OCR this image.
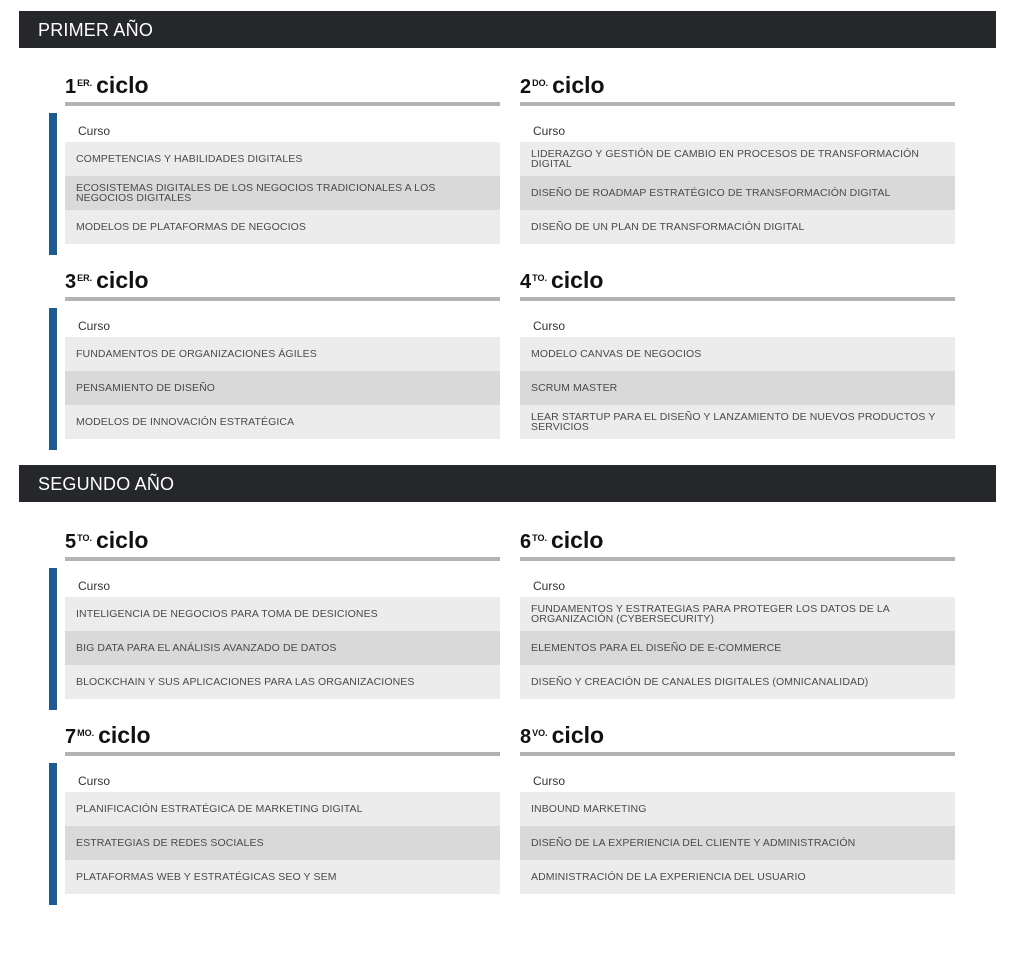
PRIMER AÑO
SEGUNDO AÑO
$1^{ER.}$ ciclo
Curso
COMPETENCIAS Y HABILIDADES DIGITALES
ECOSISTEMAS DIGITALES DE LOS NEGOCIOS TRADICIONALES A LOS NEGOCIOS DIGITALES
MODELOS DE PLATAFORMAS DE NEGOCIOS
$2^{DO.}$ ciclo
Curso
LIDERAZGO Y GESTIÓN DE CAMBIO EN PROCESOS DE TRANSFORMACIÓN DIGITAL
DISEÑO DE ROADMAP ESTRATÉGICO DE TRANSFORMACIÓN DIGITAL
DISEÑO DE UN PLAN DE TRANSFORMACIÓN DIGITAL
$3^{ER.}$ ciclo
Curso
FUNDAMENTOS DE ORGANIZACIONES ÁGILES
PENSAMIENTO DE DISEÑO
MODELOS DE INNOVACIÓN ESTRATÉGICA
$4^{TO.}$ ciclo
Curso
MODELO CANVAS DE NEGOCIOS
SCRUM MASTER
LEAR STARTUP PARA EL DISEÑO Y LANZAMIENTO DE NUEVOS PRODUCTOS Y SERVICIOS
$5^{TO.}$ ciclo
Curso
INTELIGENCIA DE NEGOCIOS PARA TOMA DE DESICIONES
BIG DATA PARA EL ANÁLISIS AVANZADO DE DATOS
BLOCKCHAIN Y SUS APLICACIONES PARA LAS ORGANIZACIONES
$6^{TO.}$ ciclo
Curso
FUNDAMENTOS Y ESTRATEGIAS PARA PROTEGER LOS DATOS DE LA ORGANIZACIÓN (CYBERSECURITY)
ELEMENTOS PARA EL DISEÑO DE E-COMMERCE
DISEÑO Y CREACIÓN DE CANALES DIGITALES (OMNICANALIDAD)
$7^{MO.}$ ciclo
Curso
PLANIFICACIÓN ESTRATÉGICA DE MARKETING DIGITAL
ESTRATEGIAS DE REDES SOCIALES
PLATAFORMAS WEB Y ESTRATÉGICAS SEO Y SEM
$8^{VO.}$ ciclo
Curso
INBOUND MARKETING
DISEÑO DE LA EXPERIENCIA DEL CLIENTE Y ADMINISTRACIÓN
ADMINISTRACIÓN DE LA EXPERIENCIA DEL USUARIO
